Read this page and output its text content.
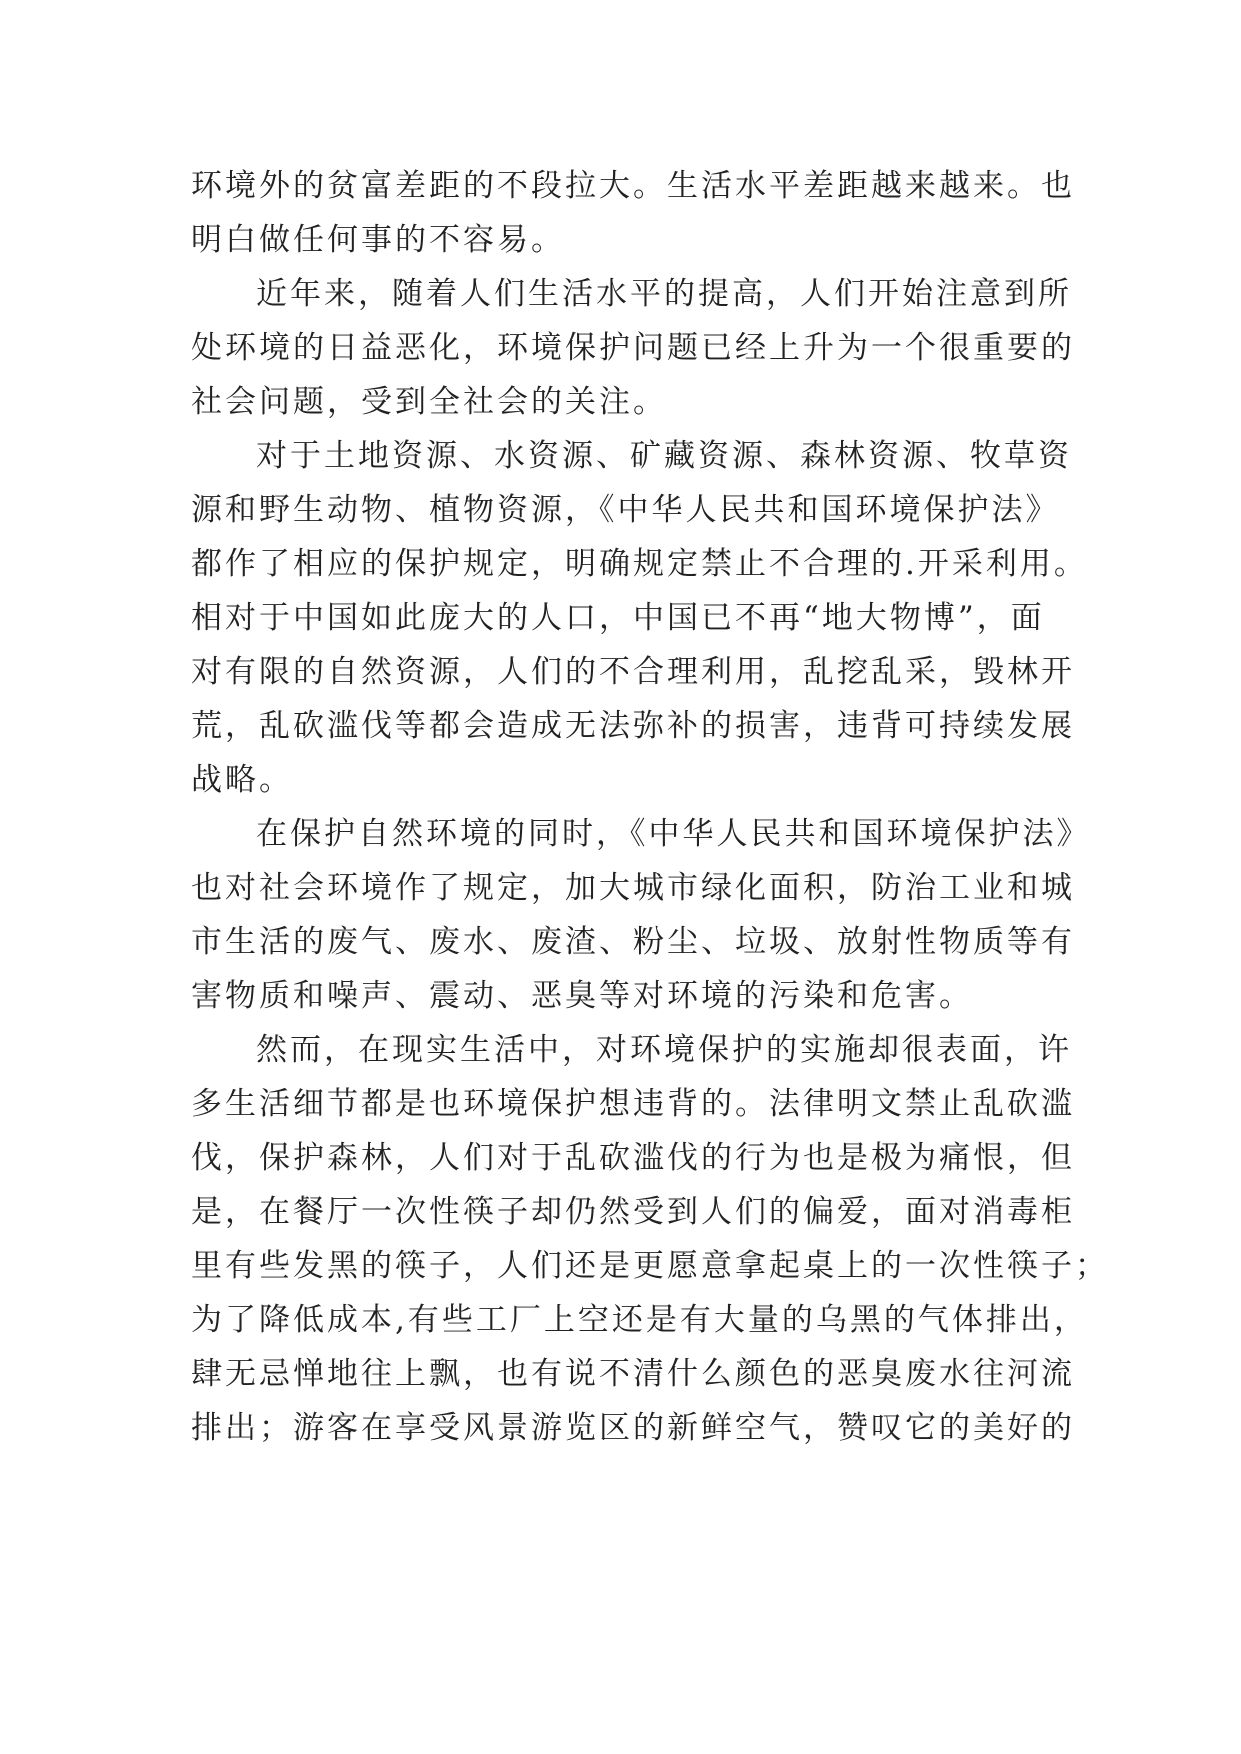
环境外的贫富差距的不段拉大。生活水平差距越来越来。也
明白做任何事的不容易。
近年来，随着人们生活水平的提高，人们开始注意到所
处环境的日益恶化，环境保护问题已经上升为一个很重要的
社会问题，受到全社会的关注。
对于土地资源、水资源、矿藏资源、森林资源、牧草资
源和野生动物、植物资源，《中华人民共和国环境保护法》
都作了相应的保护规定，明确规定禁止不合理的.开采利用。
相对于中国如此庞大的人口，中国已不再“地大物博”，面
对有限的自然资源，人们的不合理利用，乱挖乱采，毁林开
荒，乱砍滥伐等都会造成无法弥补的损害，违背可持续发展
战略。
在保护自然环境的同时，《中华人民共和国环境保护法》
也对社会环境作了规定，加大城市绿化面积，防治工业和城
市生活的废气、废水、废渣、粉尘、垃圾、放射性物质等有
害物质和噪声、震动、恶臭等对环境的污染和危害。
然而，在现实生活中，对环境保护的实施却很表面，许
多生活细节都是也环境保护想违背的。法律明文禁止乱砍滥
伐，保护森林，人们对于乱砍滥伐的行为也是极为痛恨，但
是，在餐厅一次性筷子却仍然受到人们的偏爱，面对消毒柜
里有些发黑的筷子，人们还是更愿意拿起桌上的一次性筷子；
为了降低成本,有些工厂上空还是有大量的乌黑的气体排出，
肆无忌惮地往上飘，也有说不清什么颜色的恶臭废水往河流
排出；游客在享受风景游览区的新鲜空气，赞叹它的美好的
